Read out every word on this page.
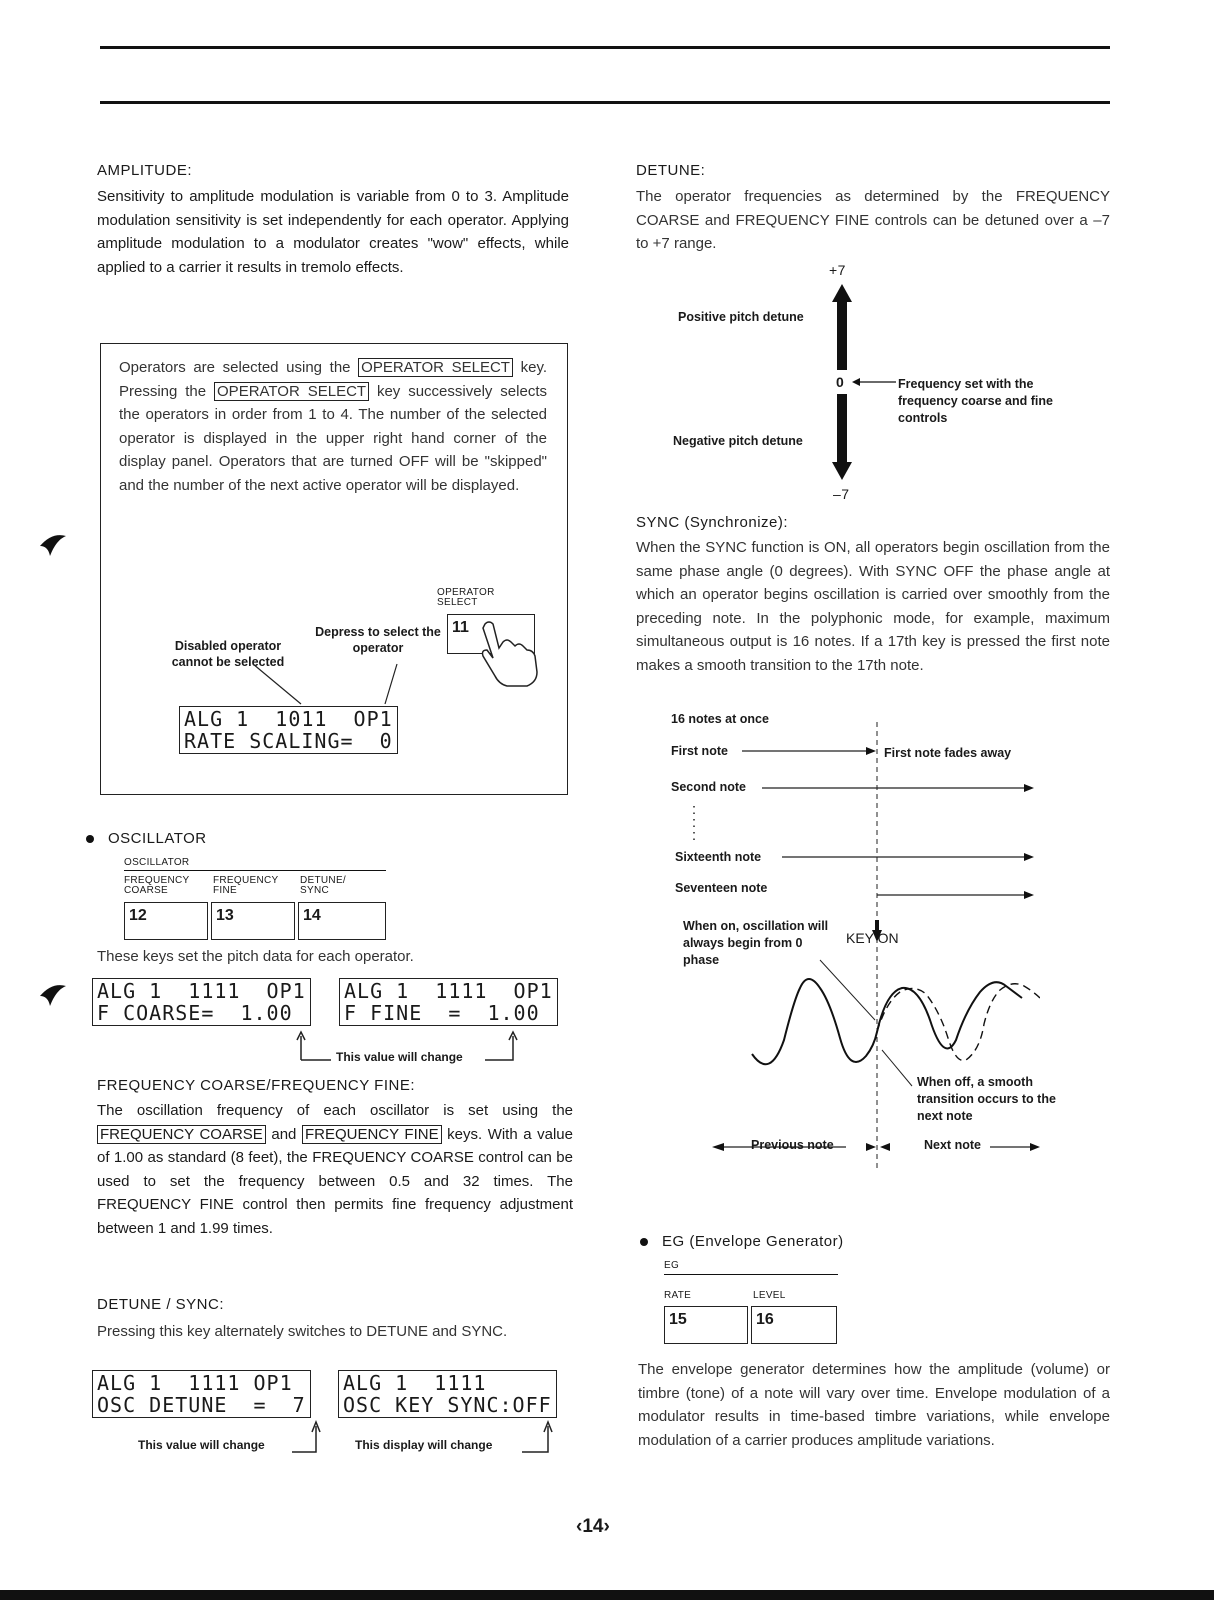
AMPLITUDE:
Sensitivity to amplitude modulation is variable from 0 to 3. Amplitude modulation sensitivity is set independently for each operator. Applying amplitude modulation to a modulator creates "wow" effects, while applied to a carrier it results in tremolo effects.
Operators are selected using the OPERATOR SELECT key. Pressing the OPERATOR SELECT key successively selects the operators in order from 1 to 4. The number of the selected operator is displayed in the upper right hand corner of the display panel. Operators that are turned OFF will be "skipped" and the number of the next active operator will be displayed.
OPERATOR SELECT
11
Depress to select the operator
Disabled operator cannot be selected
ALG 1  1011  OP1
RATE SCALING=  0
OSCILLATOR
OSCILLATOR
FREQUENCY COARSE
FREQUENCY FINE
DETUNE/ SYNC
12	13	14
These keys set the pitch data for each operator.
ALG 1  1111  OP1
F COARSE=  1.00
ALG 1  1111  OP1
F FINE  =  1.00
This value will change
FREQUENCY COARSE/FREQUENCY FINE:
The oscillation frequency of each oscillator is set using the FREQUENCY COARSE and FREQUENCY FINE keys. With a value of 1.00 as standard (8 feet), the FREQUENCY COARSE control can be used to set the frequency between 0.5 and 32 times. The FREQUENCY FINE control then permits fine frequency adjustment between 1 and 1.99 times.
DETUNE / SYNC:
Pressing this key alternately switches to DETUNE and SYNC.
ALG 1  1111 OP1
OSC DETUNE  =  7
ALG 1  1111
OSC KEY SYNC:OFF
This value will change	This display will change
DETUNE:
The operator frequencies as determined by the FREQUENCY COARSE and FREQUENCY FINE controls can be detuned over a –7 to +7 range.
+7
–7
Positive pitch detune
Negative pitch detune
0	Frequency set with the frequency coarse and fine controls
SYNC (Synchronize):
When the SYNC function is ON, all operators begin oscillation from the same phase angle (0 degrees). With SYNC OFF the phase angle at which an operator begins oscillation is carried over smoothly from the preceding note. In the polyphonic mode, for example, maximum simultaneous output is 16 notes. If a 17th key is pressed the first note makes a smooth transition to the 17th note.
16 notes at once
First note	First note fades away
Second note
Sixteenth note
Seventeen note
When on, oscillation will always begin from 0 phase
KEY ON
When off, a smooth transition occurs to the next note
Previous note	Next note
EG (Envelope Generator)
EG
RATE	LEVEL
15	16
The envelope generator determines how the amplitude (volume) or timbre (tone) of a note will vary over time. Envelope modulation of a modulator results in time-based timbre variations, while envelope modulation of a carrier produces amplitude variations.
‹14›
